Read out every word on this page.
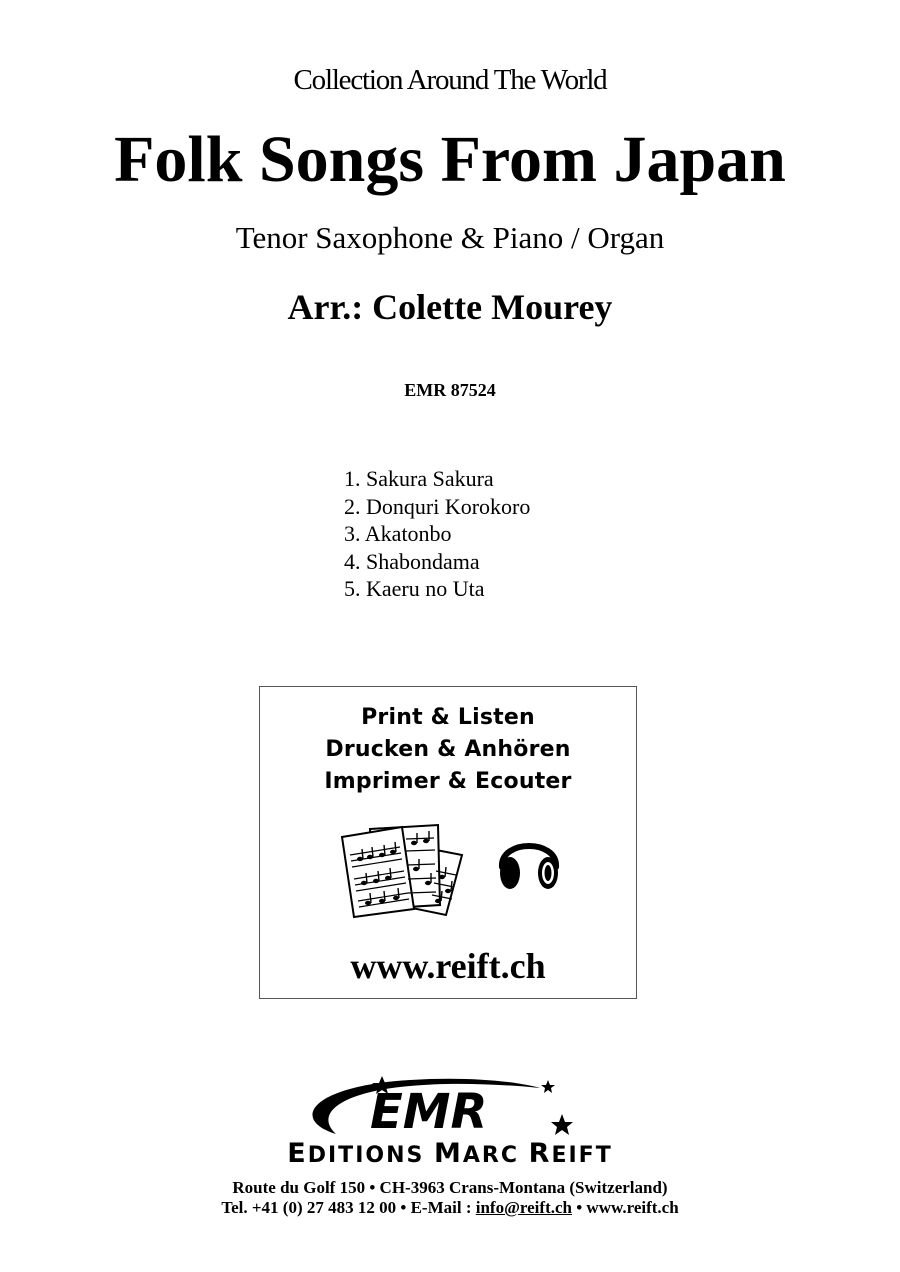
Collection Around The World
Folk Songs From Japan
Tenor Saxophone & Piano / Organ
Arr.: Colette Mourey
EMR 87524
1. Sakura Sakura
2. Donquri Korokoro
3. Akatonbo
4. Shabondama
5. Kaeru no Uta
Print & Listen
Drucken & Anhören
Imprimer & Ecouter
www.reift.ch
EMR
EDITIONS MARC REIFT
Route du Golf 150 • CH-3963 Crans-Montana (Switzerland)
Tel. +41 (0) 27 483 12 00 • E-Mail : info@reift.ch • www.reift.ch
